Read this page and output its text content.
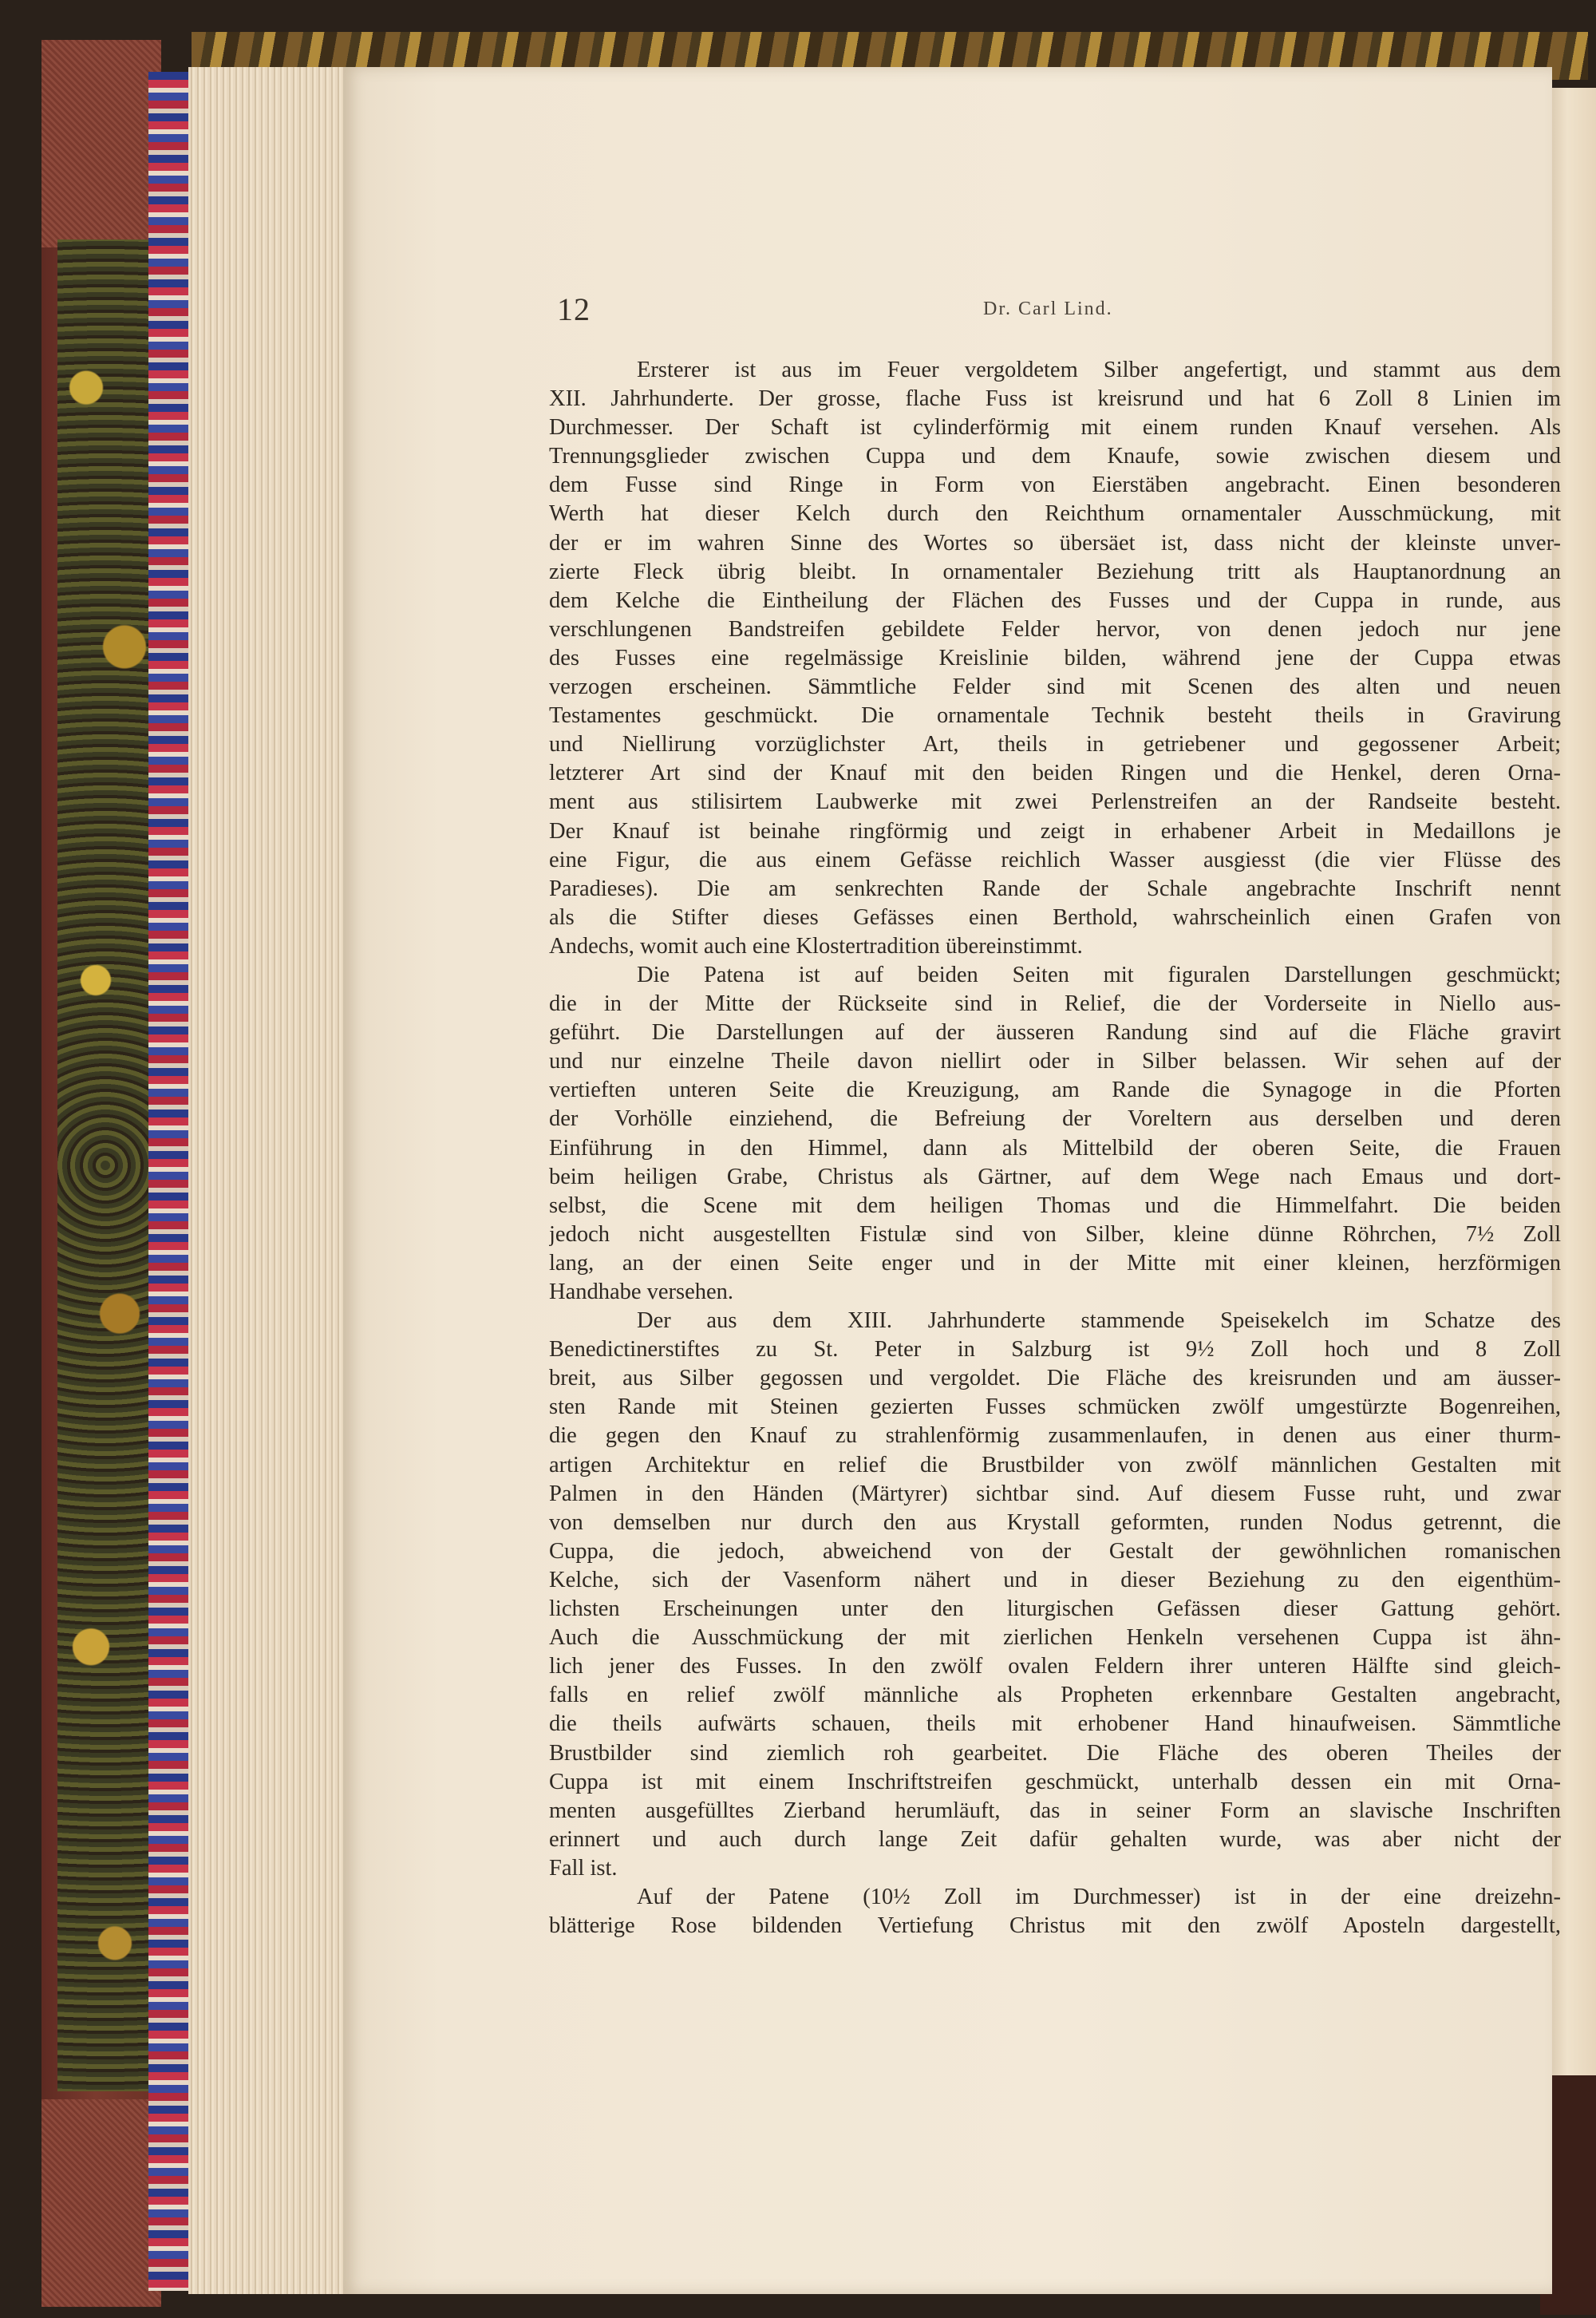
12	Dr. Carl Lind.
Ersterer ist aus im Feuer vergoldetem Silber angefertigt, und stammt aus dem
XII. Jahrhunderte. Der grosse, flache Fuss ist kreisrund und hat 6 Zoll 8 Linien im
Durchmesser. Der Schaft ist cylinderförmig mit einem runden Knauf versehen. Als
Trennungsglieder zwischen Cuppa und dem Knaufe, sowie zwischen diesem und
dem Fusse sind Ringe in Form von Eierstäben angebracht. Einen besonderen
Werth hat dieser Kelch durch den Reichthum ornamentaler Ausschmückung, mit
der er im wahren Sinne des Wortes so übersäet ist, dass nicht der kleinste unver-
zierte Fleck übrig bleibt. In ornamentaler Beziehung tritt als Hauptanordnung an
dem Kelche die Eintheilung der Flächen des Fusses und der Cuppa in runde, aus
verschlungenen Bandstreifen gebildete Felder hervor, von denen jedoch nur jene
des Fusses eine regelmässige Kreislinie bilden, während jene der Cuppa etwas
verzogen erscheinen. Sämmtliche Felder sind mit Scenen des alten und neuen
Testamentes geschmückt. Die ornamentale Technik besteht theils in Gravirung
und Niellirung vorzüglichster Art, theils in getriebener und gegossener Arbeit;
letzterer Art sind der Knauf mit den beiden Ringen und die Henkel, deren Orna-
ment aus stilisirtem Laubwerke mit zwei Perlenstreifen an der Randseite besteht.
Der Knauf ist beinahe ringförmig und zeigt in erhabener Arbeit in Medaillons je
eine Figur, die aus einem Gefässe reichlich Wasser ausgiesst (die vier Flüsse des
Paradieses). Die am senkrechten Rande der Schale angebrachte Inschrift nennt
als die Stifter dieses Gefässes einen Berthold, wahrscheinlich einen Grafen von
Andechs, womit auch eine Klostertradition übereinstimmt.
Die Patena ist auf beiden Seiten mit figuralen Darstellungen geschmückt;
die in der Mitte der Rückseite sind in Relief, die der Vorderseite in Niello aus-
geführt. Die Darstellungen auf der äusseren Randung sind auf die Fläche gravirt
und nur einzelne Theile davon niellirt oder in Silber belassen. Wir sehen auf der
vertieften unteren Seite die Kreuzigung, am Rande die Synagoge in die Pforten
der Vorhölle einziehend, die Befreiung der Voreltern aus derselben und deren
Einführung in den Himmel, dann als Mittelbild der oberen Seite, die Frauen
beim heiligen Grabe, Christus als Gärtner, auf dem Wege nach Emaus und dort-
selbst, die Scene mit dem heiligen Thomas und die Himmelfahrt. Die beiden
jedoch nicht ausgestellten Fistulæ sind von Silber, kleine dünne Röhrchen, 7½ Zoll
lang, an der einen Seite enger und in der Mitte mit einer kleinen, herzförmigen
Handhabe versehen.
Der aus dem XIII. Jahrhunderte stammende Speisekelch im Schatze des
Benedictinerstiftes zu St. Peter in Salzburg ist 9½ Zoll hoch und 8 Zoll
breit, aus Silber gegossen und vergoldet. Die Fläche des kreisrunden und am äusser-
sten Rande mit Steinen gezierten Fusses schmücken zwölf umgestürzte Bogenreihen,
die gegen den Knauf zu strahlenförmig zusammenlaufen, in denen aus einer thurm-
artigen Architektur en relief die Brustbilder von zwölf männlichen Gestalten mit
Palmen in den Händen (Märtyrer) sichtbar sind. Auf diesem Fusse ruht, und zwar
von demselben nur durch den aus Krystall geformten, runden Nodus getrennt, die
Cuppa, die jedoch, abweichend von der Gestalt der gewöhnlichen romanischen
Kelche, sich der Vasenform nähert und in dieser Beziehung zu den eigenthüm-
lichsten Erscheinungen unter den liturgischen Gefässen dieser Gattung gehört.
Auch die Ausschmückung der mit zierlichen Henkeln versehenen Cuppa ist ähn-
lich jener des Fusses. In den zwölf ovalen Feldern ihrer unteren Hälfte sind gleich-
falls en relief zwölf männliche als Propheten erkennbare Gestalten angebracht,
die theils aufwärts schauen, theils mit erhobener Hand hinaufweisen. Sämmtliche
Brustbilder sind ziemlich roh gearbeitet. Die Fläche des oberen Theiles der
Cuppa ist mit einem Inschriftstreifen geschmückt, unterhalb dessen ein mit Orna-
menten ausgefülltes Zierband herumläuft, das in seiner Form an slavische Inschriften
erinnert und auch durch lange Zeit dafür gehalten wurde, was aber nicht der
Fall ist.
Auf der Patene (10½ Zoll im Durchmesser) ist in der eine dreizehn-
blätterige Rose bildenden Vertiefung Christus mit den zwölf Aposteln dargestellt,
